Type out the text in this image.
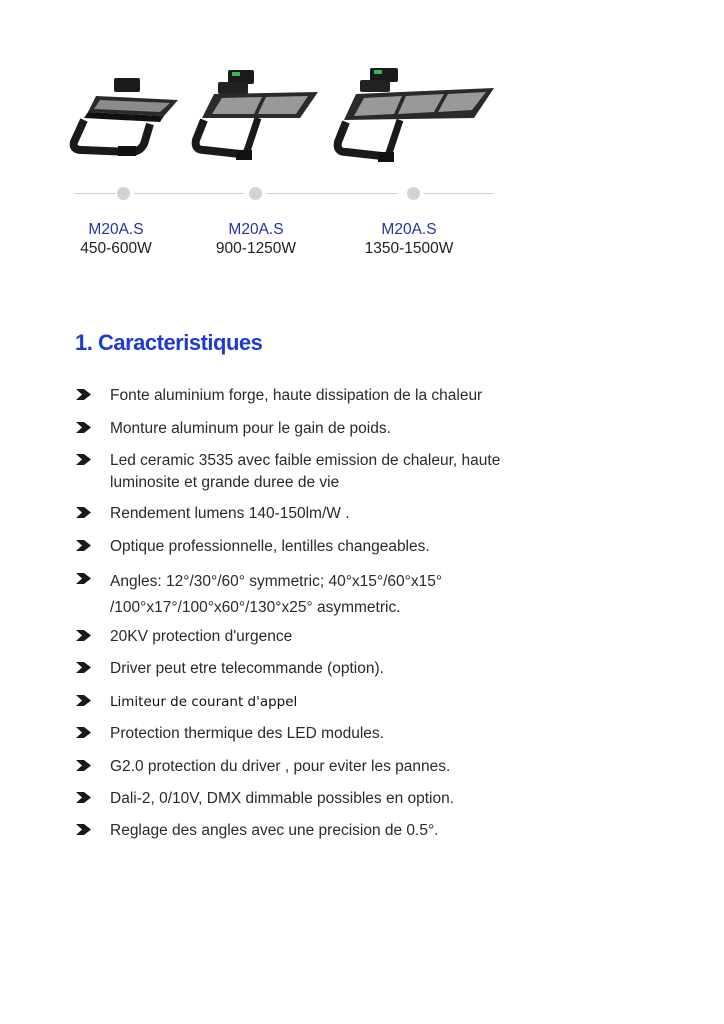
M20A.S
450-600W
M20A.S
900-1250W
M20A.S
1350-1500W
1. Caracteristiques
Fonte aluminium forge, haute dissipation de la chaleur
Monture aluminum pour le gain de poids.
Led ceramic 3535 avec faible emission de chaleur, haute
luminosite et grande duree de vie
Rendement lumens 140-150lm/W .
Optique professionnelle, lentilles changeables.
Angles: 12°/30°/60° symmetric; 40°x15°/60°x15°
/100°x17°/100°x60°/130°x25° asymmetric.
20KV protection d'urgence
Driver peut etre telecommande (option).
Limiteur de courant d'appel
Protection thermique des LED modules.
G2.0 protection du driver , pour eviter les pannes.
Dali-2, 0/10V, DMX dimmable possibles en option.
Reglage des angles avec une precision de 0.5°.
